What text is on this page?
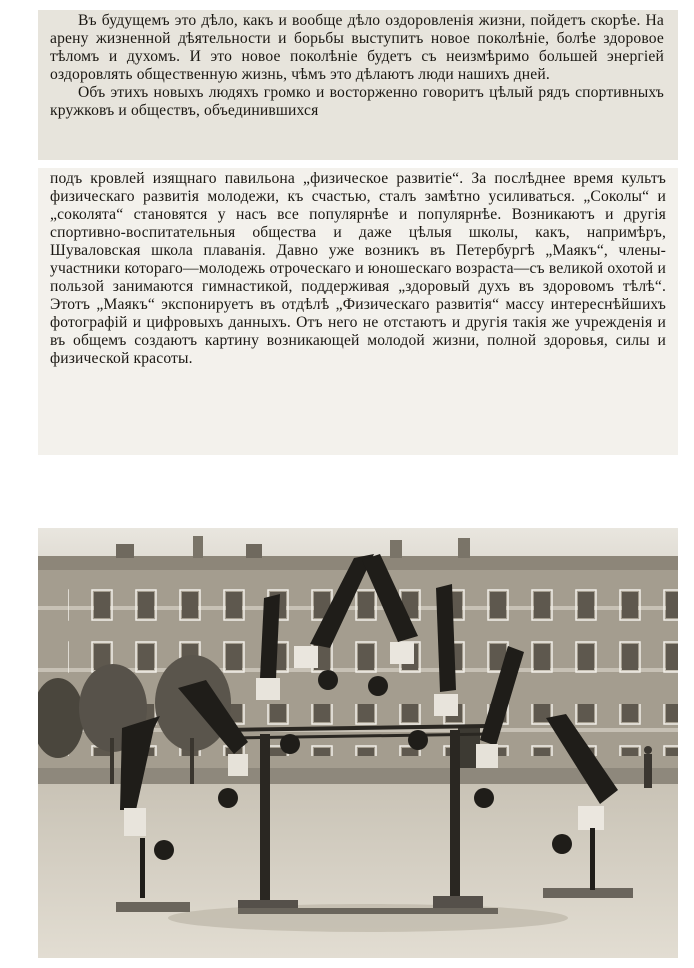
Въ будущемъ это дѣло, какъ и вообще дѣло оздоровленія жизни, пойдетъ скорѣе. На арену жизненной дѣятельности и борьбы выступитъ новое поколѣніе, болѣе здоровое тѣломъ и духомъ. И это новое поколѣніе будетъ съ неизмѣримо большей энергіей оздоровлять общественную жизнь, чѣмъ это дѣлаютъ люди нашихъ дней.

Объ этихъ новыхъ людяхъ громко и восторженно говоритъ цѣлый рядъ спортивныхъ кружковъ и обществъ, объединившихся

подъ кровлей изящнаго павильона „физическое развитіе“. За послѣднее время культъ физическаго развитія молодежи, къ счастью, сталъ замѣтно усиливаться. „Соколы“ и „соколята“ становятся у насъ все популярнѣе и популярнѣе. Возникаютъ и другія спортивно-воспитательныя общества и даже цѣлыя школы, какъ, напримѣръ, Шуваловская школа плаванія. Давно уже возникъ въ Петербургѣ „Маякъ“, члены-участники котораго—молодежь отроческаго и юношескаго возраста—съ великой охотой и пользой занимаются гимнастикой, поддерживая „здоровый духъ въ здоровомъ тѣлѣ“. Этотъ „Маякъ“ экспонируетъ въ отдѣлѣ „Физическаго развитія“ массу интереснѣйшихъ фотографій и цифровыхъ данныхъ. Отъ него не отстаютъ и другія такія же учрежденія и въ общемъ создаютъ картину возникающей молодой жизни, полной здоровья, силы и физической красоты.
